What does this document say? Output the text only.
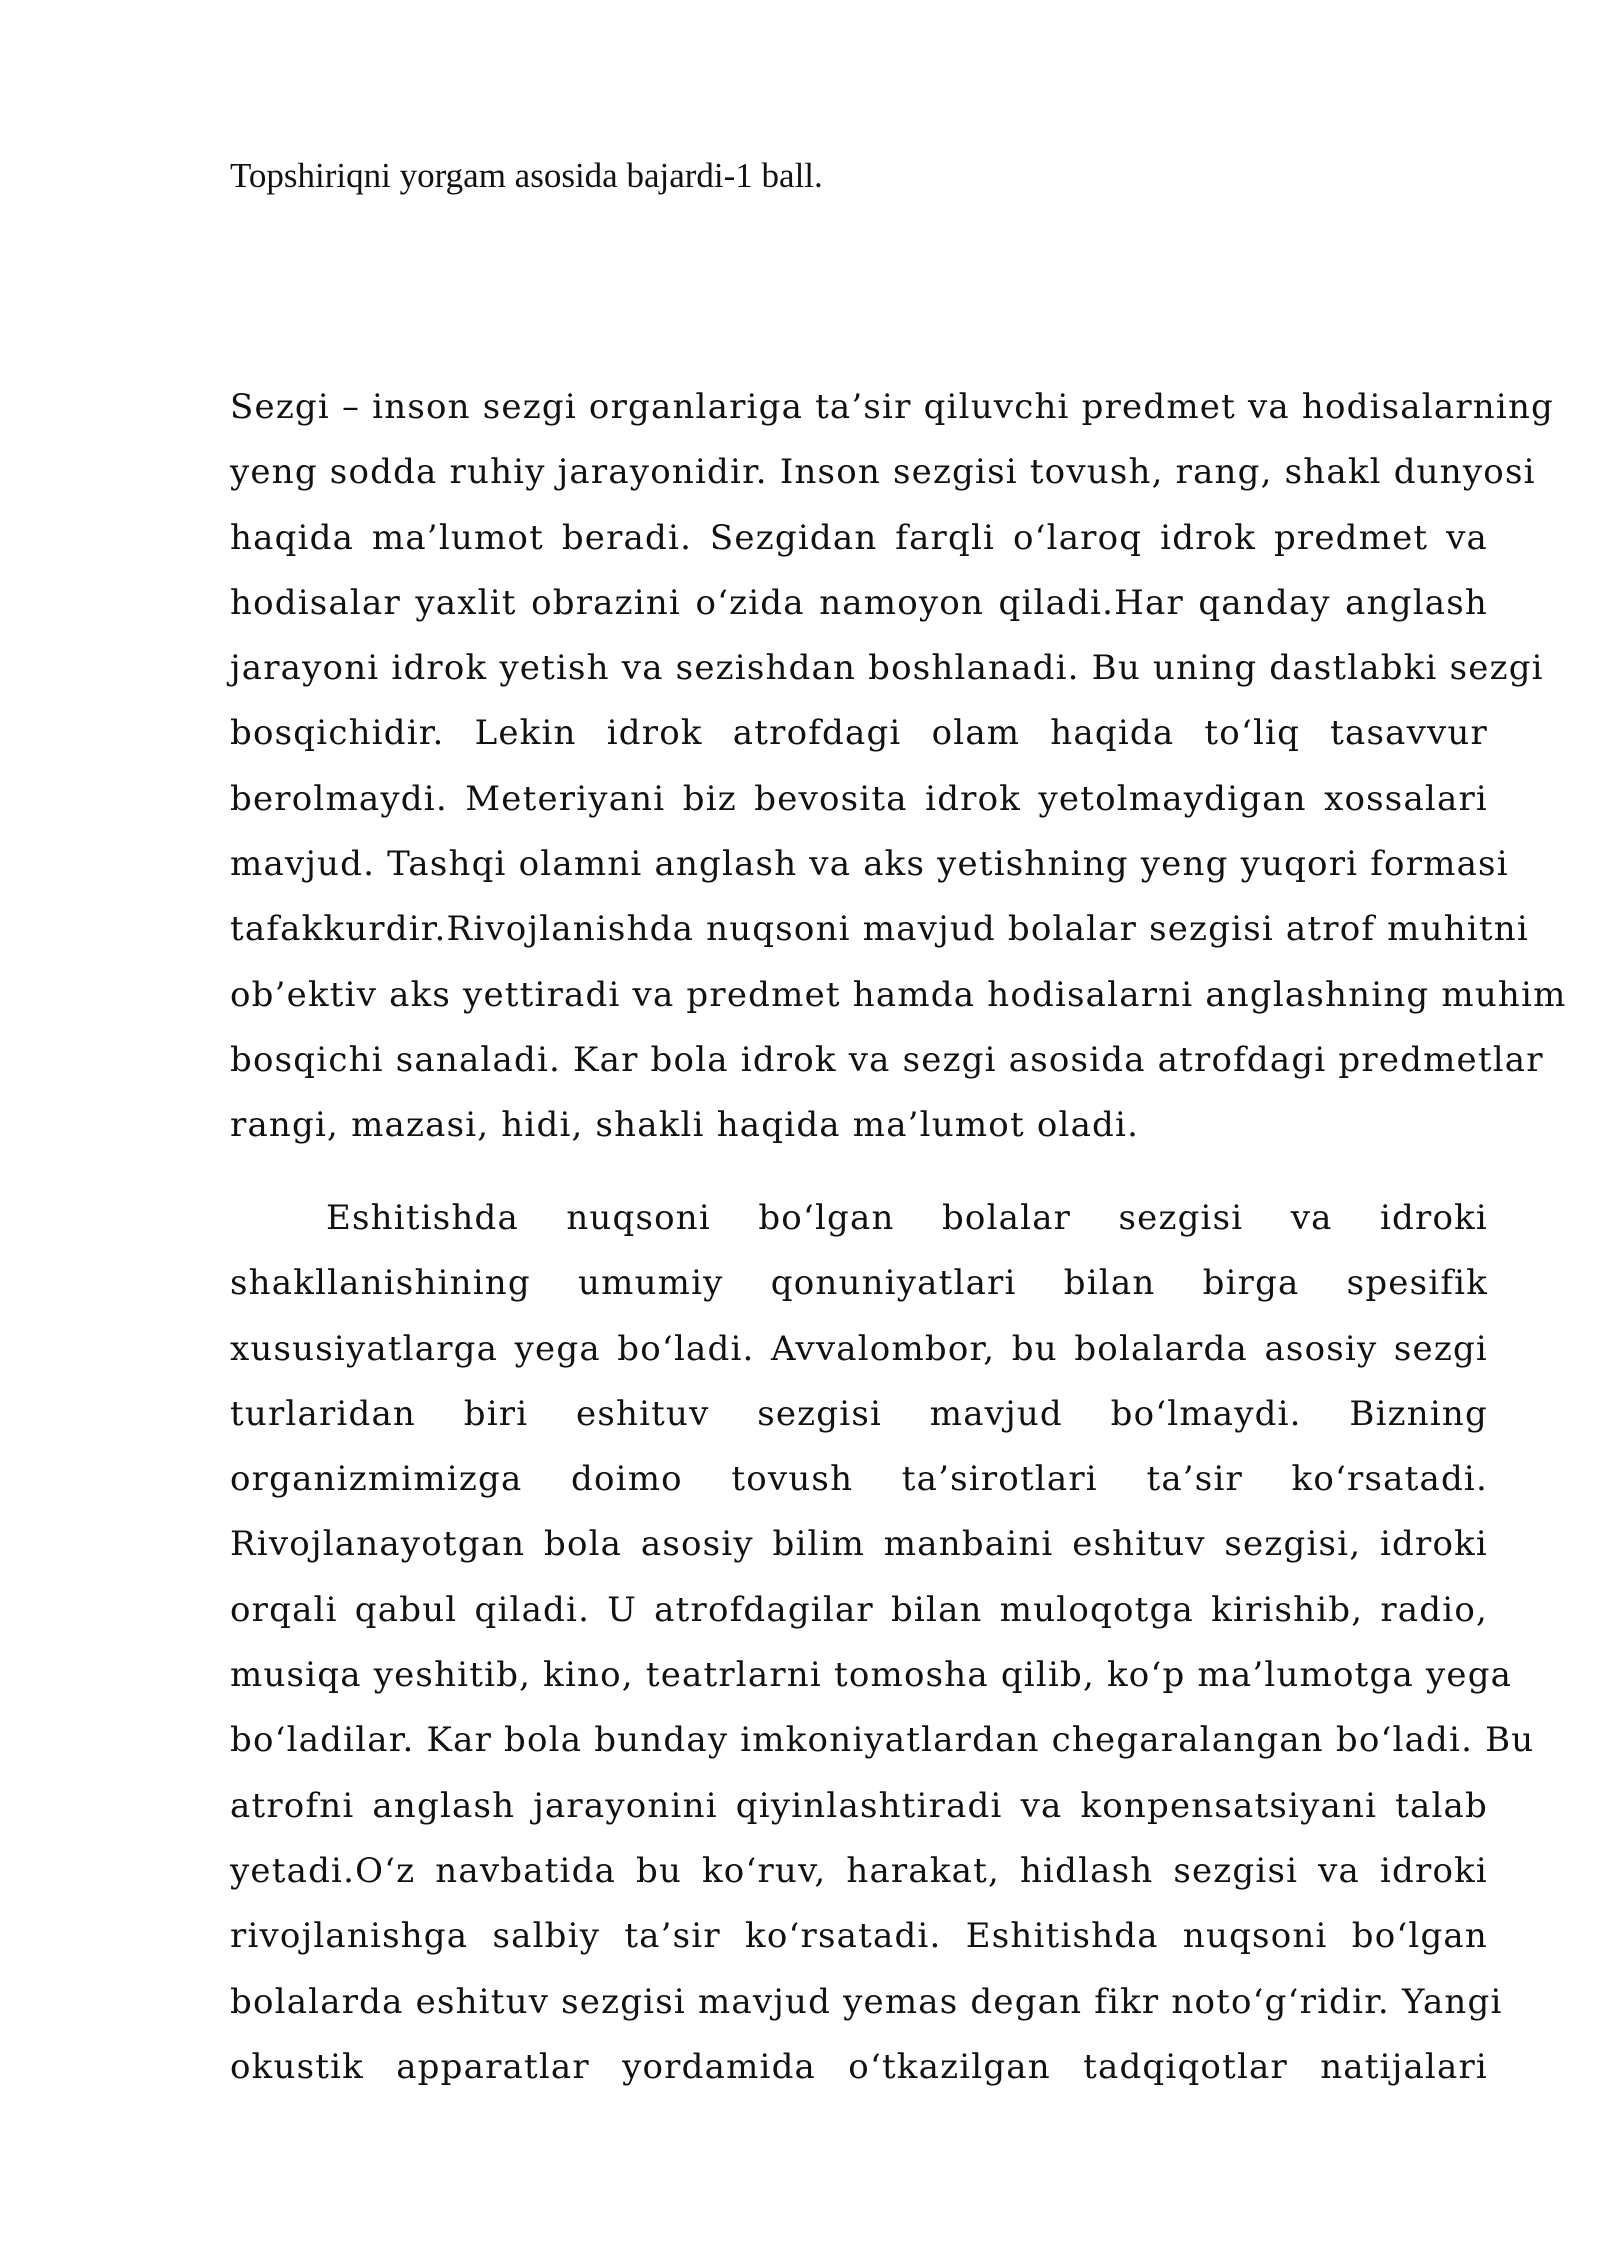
Topshiriqni yorgam asosida bajardi-1 ball.
Sezgi – inson sezgi organlariga ta’sir qiluvchi predmet va hodisalarning
yeng sodda ruhiy jarayonidir. Inson sezgisi tovush, rang, shakl dunyosi
haqida ma’lumot beradi. Sezgidan farqli o‘laroq idrok predmet va
hodisalar yaxlit obrazini o‘zida namoyon qiladi.Har qanday anglash
jarayoni idrok yetish va sezishdan boshlanadi. Bu uning dastlabki sezgi
bosqichidir. Lekin idrok atrofdagi olam haqida to‘liq tasavvur
berolmaydi. Meteriyani biz bevosita idrok yetolmaydigan xossalari
mavjud. Tashqi olamni anglash va aks yetishning yeng yuqori formasi
tafakkurdir.Rivojlanishda nuqsoni mavjud bolalar sezgisi atrof muhitni
ob’ektiv aks yettiradi va predmet hamda hodisalarni anglashning muhim
bosqichi sanaladi. Kar bola idrok va sezgi asosida atrofdagi predmetlar
rangi, mazasi, hidi, shakli haqida ma’lumot oladi.
Eshitishda nuqsoni bo‘lgan bolalar sezgisi va idroki
shakllanishining umumiy qonuniyatlari bilan birga spesifik
xususiyatlarga yega bo‘ladi. Avvalombor, bu bolalarda asosiy sezgi
turlaridan biri eshituv sezgisi mavjud bo‘lmaydi. Bizning
organizmimizga doimo tovush ta’sirotlari ta’sir ko‘rsatadi.
Rivojlanayotgan bola asosiy bilim manbaini eshituv sezgisi, idroki
orqali qabul qiladi. U atrofdagilar bilan muloqotga kirishib, radio,
musiqa yeshitib, kino, teatrlarni tomosha qilib, ko‘p ma’lumotga yega
bo‘ladilar. Kar bola bunday imkoniyatlardan chegaralangan bo‘ladi. Bu
atrofni anglash jarayonini qiyinlashtiradi va konpensatsiyani talab
yetadi.O‘z navbatida bu ko‘ruv, harakat, hidlash sezgisi va idroki
rivojlanishga salbiy ta’sir ko‘rsatadi. Eshitishda nuqsoni bo‘lgan
bolalarda eshituv sezgisi mavjud yemas degan fikr noto‘g‘ridir. Yangi
okustik apparatlar yordamida o‘tkazilgan tadqiqotlar natijalari
